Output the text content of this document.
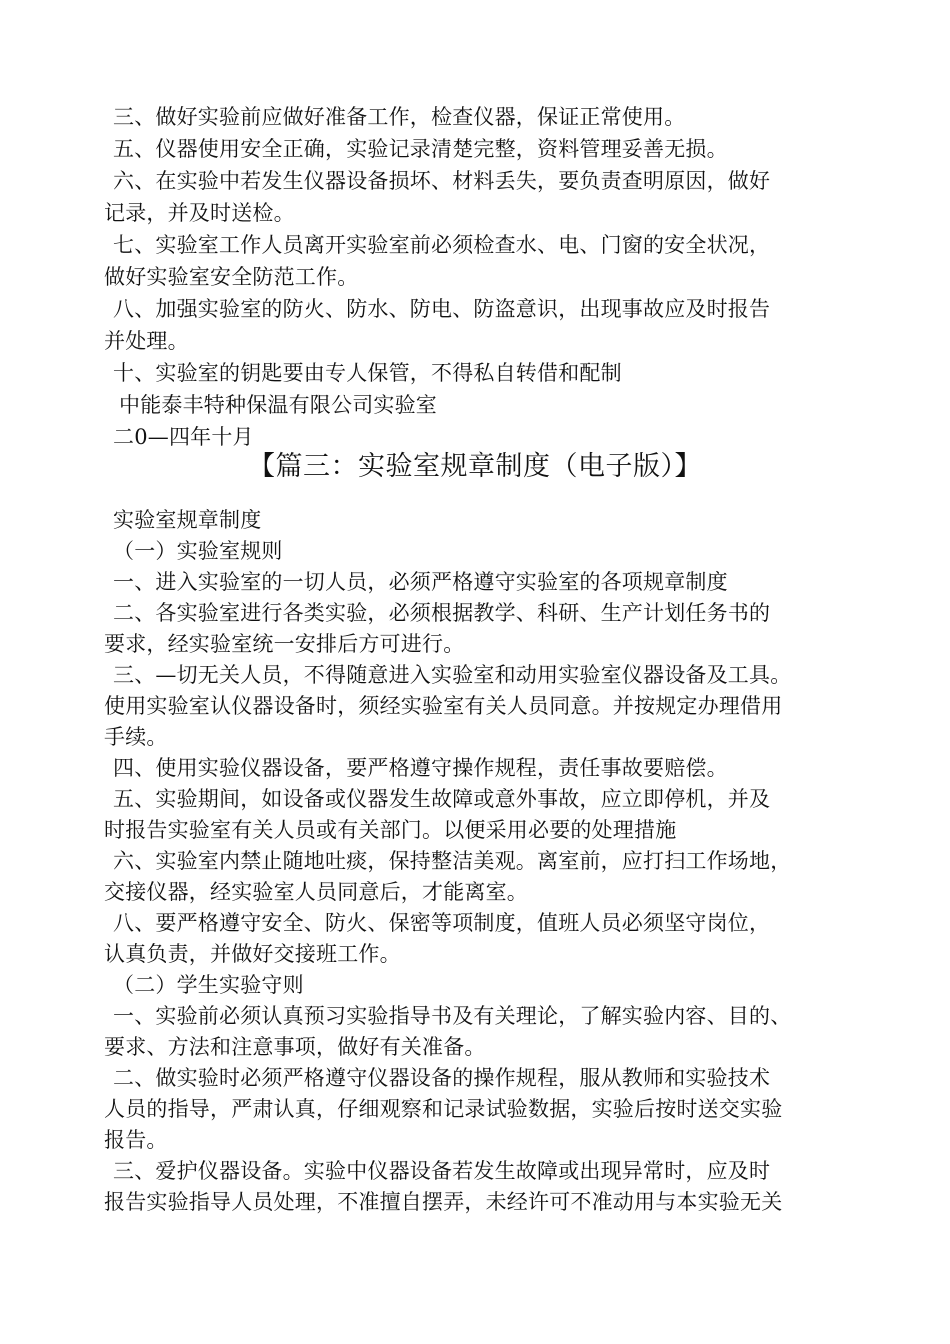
三、做好实验前应做好准备工作，检查仪器，保证正常使用。
五、仪器使用安全正确，实验记录清楚完整，资料管理妥善无损。
六、在实验中若发生仪器设备损坏、材料丢失，要负责查明原因，做好
记录，并及时送检。
七、实验室工作人员离开实验室前必须检查水、电、门窗的安全状况，
做好实验室安全防范工作。
八、加强实验室的防火、防水、防电、防盗意识，出现事故应及时报告
并处理。
十、实验室的钥匙要由专人保管，不得私自转借和配制
中能泰丰特种保温有限公司实验室
二0—四年十月
【篇三：实验室规章制度（电子版）】
实验室规章制度
（一）实验室规则
一、进入实验室的一切人员，必须严格遵守实验室的各项规章制度
二、各实验室进行各类实验，必须根据教学、科研、生产计划任务书的
要求，经实验室统一安排后方可进行。
三、—切无关人员，不得随意进入实验室和动用实验室仪器设备及工具。
使用实验室认仪器设备时，须经实验室有关人员同意。并按规定办理借用
手续。
四、使用实验仪器设备，要严格遵守操作规程，责任事故要赔偿。
五、实验期间，如设备或仪器发生故障或意外事故，应立即停机，并及
时报告实验室有关人员或有关部门。以便采用必要的处理措施
六、实验室内禁止随地吐痰，保持整洁美观。离室前，应打扫工作场地，
交接仪器，经实验室人员同意后，才能离室。
八、要严格遵守安全、防火、保密等项制度，值班人员必须坚守岗位，
认真负责，并做好交接班工作。
（二）学生实验守则
一、实验前必须认真预习实验指导书及有关理论，了解实验内容、目的、
要求、方法和注意事项，做好有关准备。
二、做实验时必须严格遵守仪器设备的操作规程，服从教师和实验技术
人员的指导，严肃认真，仔细观察和记录试验数据，实验后按时送交实验
报告。
三、爱护仪器设备。实验中仪器设备若发生故障或出现异常时，应及时
报告实验指导人员处理，不准擅自摆弄，未经许可不准动用与本实验无关
